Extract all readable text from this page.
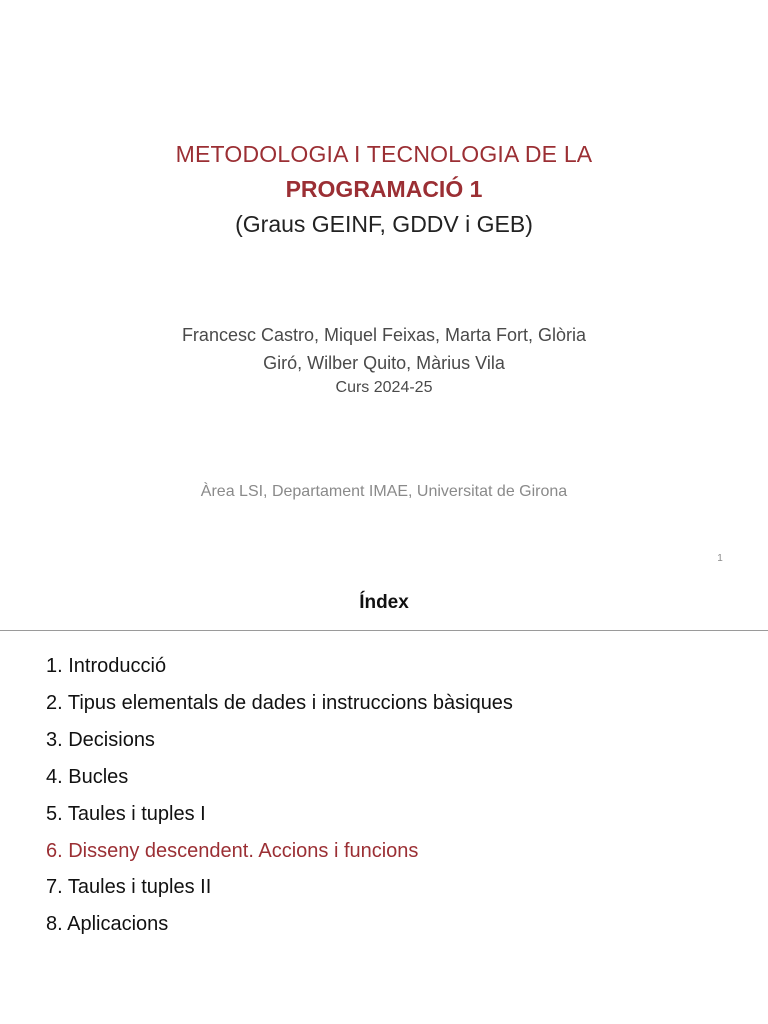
METODOLOGIA I TECNOLOGIA DE LA
PROGRAMACIÓ 1
(Graus GEINF, GDDV i GEB)
Francesc Castro, Miquel Feixas, Marta Fort, Glòria
Giró, Wilber Quito, Màrius Vila
Curs 2024-25
Àrea LSI, Departament IMAE, Universitat de Girona
1
Índex
1. Introducció
2. Tipus elementals de dades i instruccions bàsiques
3. Decisions
4. Bucles
5. Taules i tuples I
6. Disseny descendent. Accions i funcions
7. Taules i tuples II
8. Aplicacions
